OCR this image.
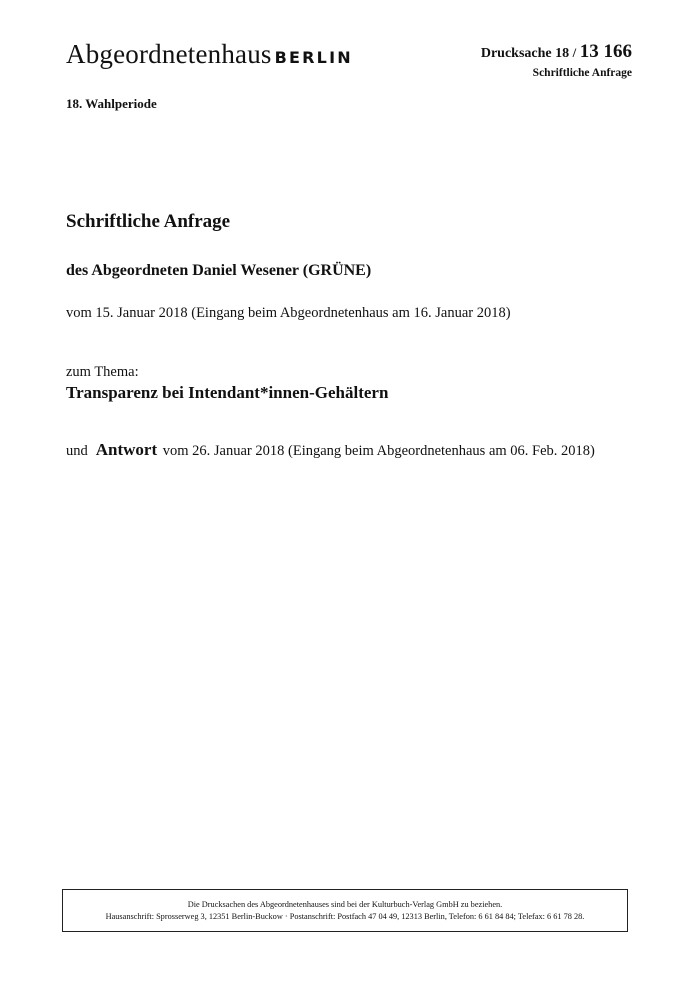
Abgeordnetenhaus BERLIN	Drucksache 18 / 13 166
Schriftliche Anfrage
18. Wahlperiode
Schriftliche Anfrage
des Abgeordneten Daniel Wesener (GRÜNE)
vom 15. Januar 2018 (Eingang beim Abgeordnetenhaus am 16. Januar 2018)
zum Thema:
Transparenz bei Intendant*innen-Gehältern
und Antwort vom 26. Januar 2018 (Eingang beim Abgeordnetenhaus am 06. Feb. 2018)
Die Drucksachen des Abgeordnetenhauses sind bei der Kulturbuch-Verlag GmbH zu beziehen.
Hausanschrift: Sprosserweg 3, 12351 Berlin-Buckow · Postanschrift: Postfach 47 04 49, 12313 Berlin, Telefon: 6 61 84 84; Telefax: 6 61 78 28.
